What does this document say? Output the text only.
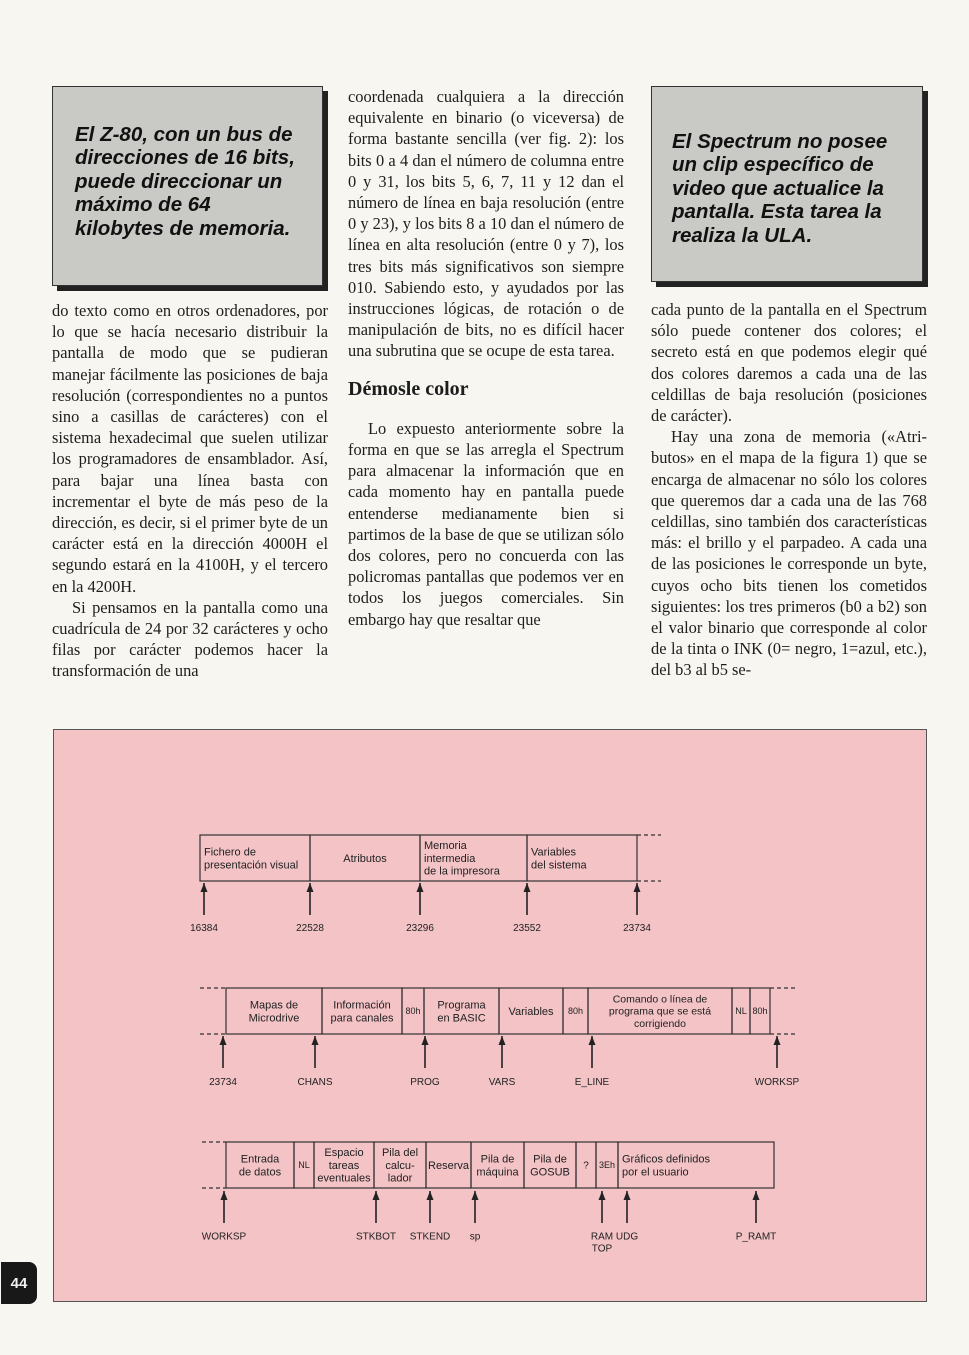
El Z-80, con un bus de direcciones de 16 bits, puede direccionar un máximo de 64 kilobytes de memoria.

do texto como en otros ordenadores, por lo que se hacía necesario distribuir la pantalla de modo que se pudieran manejar fácilmente las posiciones de baja resolución (correspondientes no a puntos sino a casillas de carácteres) con el sistema hexadecimal que suelen utilizar los programadores de ensamblador. Así, para bajar una línea basta con incrementar el byte de más peso de la dirección, es decir, si el primer byte de un carácter está en la dirección 4000H el segundo estará en la 4100H, y el tercero en la 4200H.

Si pensamos en la pantalla como una cuadrícula de 24 por 32 carácteres y ocho filas por carácter podemos hacer la transformación de una

coordenada cualquiera a la dirección equivalente en binario (o viceversa) de forma bastante sencilla (ver fig. 2): los bits 0 a 4 dan el número de columna entre 0 y 31, los bits 5, 6, 7, 11 y 12 dan el número de línea en baja resolución (entre 0 y 23), y los bits 8 a 10 dan el número de línea en alta resolución (entre 0 y 7), los tres bits más significativos son siempre 010. Sabiendo esto, y ayudados por las instrucciones lógicas, de rotación o de manipulación de bits, no es difícil hacer una subrutina que se ocupe de esta tarea.

Démosle color

Lo expuesto anteriormente sobre la forma en que se las arregla el Spectrum para almacenar la información que en cada momento hay en pantalla puede entenderse medianamente bien si partimos de la base de que se utilizan sólo dos colores, pero no concuerda con las policromas pantallas que podemos ver en todos los juegos comerciales. Sin embargo hay que resaltar que

El Spectrum no posee un clip específico de video que actualice la pantalla. Esta tarea la realiza la ULA.

cada punto de la pantalla en el Spectrum sólo puede contener dos colores; el secreto está en que podemos elegir qué dos colores daremos a cada una de las celdillas de baja resolución (posiciones de carácter).

Hay una zona de memoria («Atributos» en el mapa de la figura 1) que se encarga de almacenar no sólo los colores que queremos dar a cada una de las 768 celdillas, sino también dos características más: el brillo y el parpadeo. A cada una de las posiciones le corresponde un byte, cuyos ocho bits tienen los cometidos siguientes: los tres primeros (b0 a b2) son el valor binario que corresponde al color de la tinta o INK (0= negro, 1=azul, etc.), del b3 al b5 se-

Fichero de presentación visual
Atributos
Memoria intermedia de la impresora
Variables del sistema
16384	22528	23296	23552	23734
Mapas de Microdrive
Información para canales
80h Programa en BASIC
Variables 80h
Comando o línea de programa que se está corrigiendo
NL 80h
23734	CHANS	PROG	VARS	E_LINE	WORKSP
Entrada de datos
NL
Espacio tareas eventuales
Pila del calcu-lador
Reserva
Pila de máquina
Pila de GOSUB
? 3Eh Gráficos definidos por el usuario
WORKSP	STKBOT STKEND sp	RAM TOP
UDG	P_RAMT
44
